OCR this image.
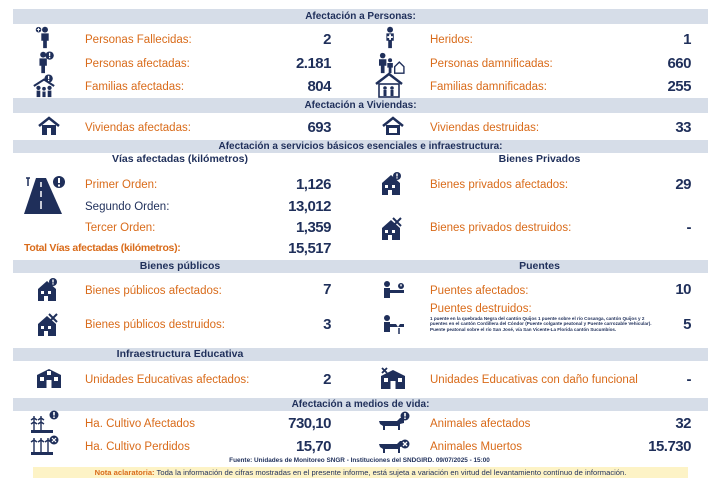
Afectación a Personas:
Personas Fallecidas:	2	Heridos:	1
Personas afectadas:	2.181	Personas damnificadas:	660
Familias afectadas:	804	Familias damnificadas:	255
Afectación a Viviendas:
Viviendas afectadas:	693	Viviendas destruidas:	33
Afectación a servicios básicos esenciales e infraestructura:
Vías afectadas (kilómetros)	Bienes Privados
Primer Orden:	1,126
Segundo Orden:	13,012
Tercer Orden:	1,359
Total Vías afectadas (kilómetros):	15,517
Bienes privados afectados:	29
Bienes privados destruidos:	-
Bienes públicos	Puentes
Bienes públicos afectados:	7	Puentes afectados:	10
Bienes públicos destruidos:	3
Puentes destruidos:
1 puente en la quebrada Negra del cantón Quijos 1 puente sobre el río Cosanga, cantón Quijos y 2 puentes en el cantón Cordillera del Cóndor (Puente colgante peatonal y Puente carrozable Vehicular). Puente peatonal sobre el río San José, vía San Vicente-La Florida cantón Sucumbíos.	5
Infraestructura Educativa
Unidades Educativas afectados:	2	Unidades Educativas con daño funcional	-
Afectación a medios de vida:
Ha. Cultivo Afectados	730,10
Ha. Cultivo Perdidos	15,70
Animales afectados	32
Animales Muertos	15.730
Fuente: Unidades de Monitoreo SNGR - Instituciones del SNDGIRD. 09/07/2025 - 15:00
Nota aclaratoria: Toda la información de cifras mostradas en el presente informe, está sujeta a variación en virtud del levantamiento contínuo de información.
